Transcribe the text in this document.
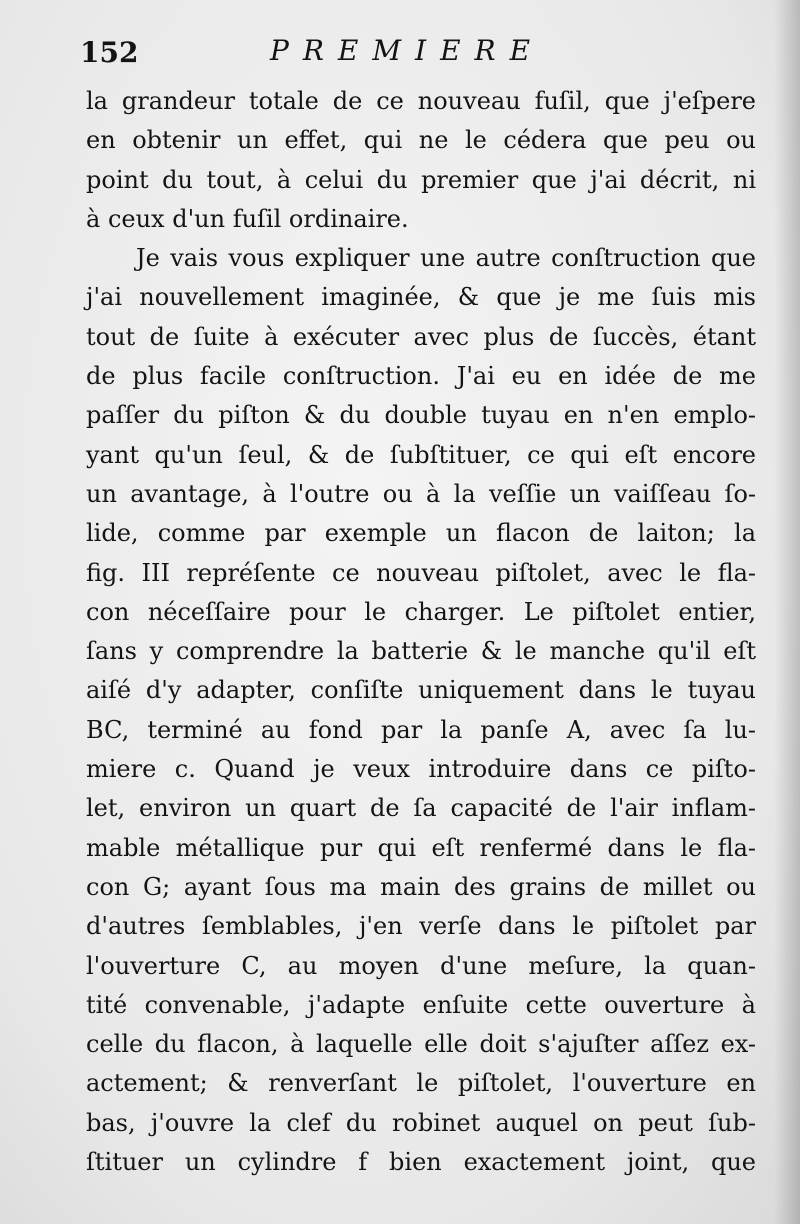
152	PREMIERE
la grandeur totale de ce nouveau fuſil, que j'eſpere
en obtenir un effet, qui ne le cédera que peu ou
point du tout, à celui du premier que j'ai décrit, ni
à ceux d'un fuſil ordinaire.
Je vais vous expliquer une autre conſtruction que
j'ai nouvellement imaginée, & que je me ſuis mis
tout de ſuite à exécuter avec plus de ſuccès, étant
de plus facile conſtruction. J'ai eu en idée de me
paſſer du piſton & du double tuyau en n'en emplo-
yant qu'un ſeul, & de ſubſtituer, ce qui eſt encore
un avantage, à l'outre ou à la veſſie un vaiſſeau ſo-
lide, comme par exemple un flacon de laiton; la
fig. III repréſente ce nouveau piſtolet, avec le fla-
con néceſſaire pour le charger. Le piſtolet entier,
ſans y comprendre la batterie & le manche qu'il eſt
aiſé d'y adapter, conſiſte uniquement dans le tuyau
BC, terminé au fond par la panſe A, avec ſa lu-
miere c. Quand je veux introduire dans ce piſto-
let, environ un quart de ſa capacité de l'air inflam-
mable métallique pur qui eſt renfermé dans le fla-
con G; ayant ſous ma main des grains de millet ou
d'autres ſemblables, j'en verſe dans le piſtolet par
l'ouverture C, au moyen d'une meſure, la quan-
tité convenable, j'adapte enſuite cette ouverture à
celle du flacon, à laquelle elle doit s'ajuſter aſſez ex-
actement; & renverſant le piſtolet, l'ouverture en
bas, j'ouvre la clef du robinet auquel on peut ſub-
ſtituer un cylindre f bien exactement joint, que
